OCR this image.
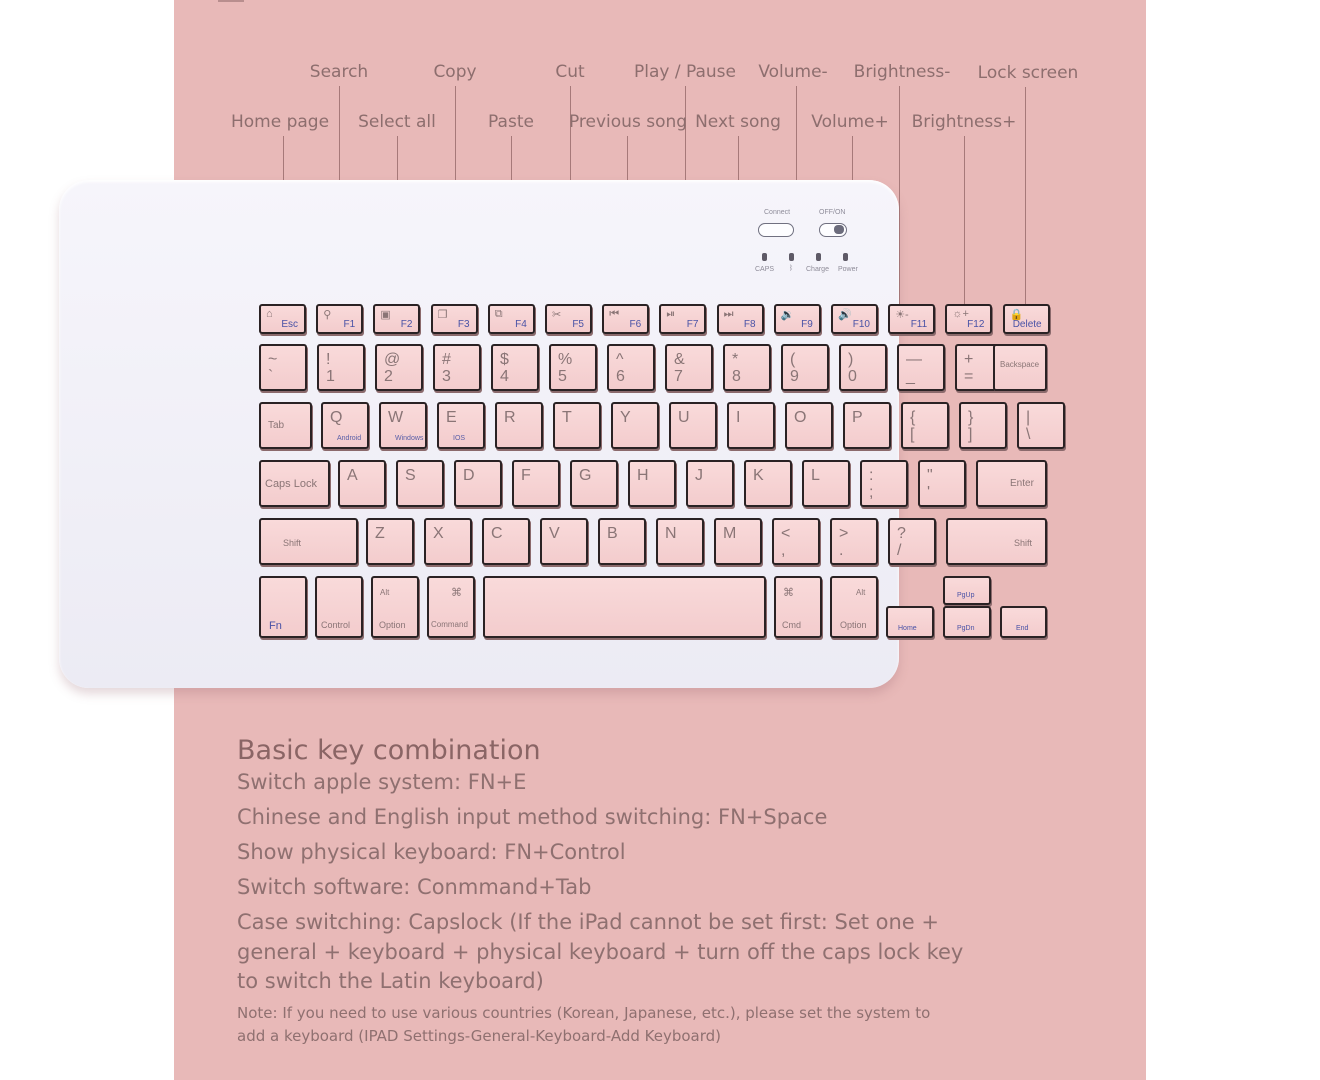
Search	Copy	Cut	Play / Pause Volume- Brightness- Lock screen
Home page Select all	Paste Previous song Next song Volume+ Brightness+
Connect	OFF/ON
CAPS ᛒ Charge Power
⌂
Esc
⚲
F1
▣
F2
❐
F3
⧉
F4
✂
F5
⏮
F6
⏯
F7
⏭
F8
🔉
F9
🔊
F10
☀-
F11
☼+
F12
🔒
Delete
~
`
!
1
@
2
#
3
$
4
%
5
^
6
&
7
*
8
(
9
)
0
—
_
+
=
Backspace
Tab	Q
Android
W
Windows
E
IOS
R	T	Y	U	I	O	P	{
[
}
]
|
\
Caps Lock A	S	D	F	G	H	J	K	L	:
;
"
'
Enter
Shift
Z	X	C	V	B	N	M	<
,
>
.
?
/	Shift
Fn	Control
Alt
Option
⌘
Command
⌘
Cmd
Alt
Option
PgUp
Home	PgDn	End
Basic key combination
Switch apple system: FN+E
Chinese and English input method switching: FN+Space
Show physical keyboard: FN+Control
Switch software: Conmmand+Tab
Case switching: Capslock (If the iPad cannot be set first: Set one +
general + keyboard + physical keyboard + turn off the caps lock key
to switch the Latin keyboard)
Note: If you need to use various countries (Korean, Japanese, etc.), please set the system to
add a keyboard (IPAD Settings-General-Keyboard-Add Keyboard)
